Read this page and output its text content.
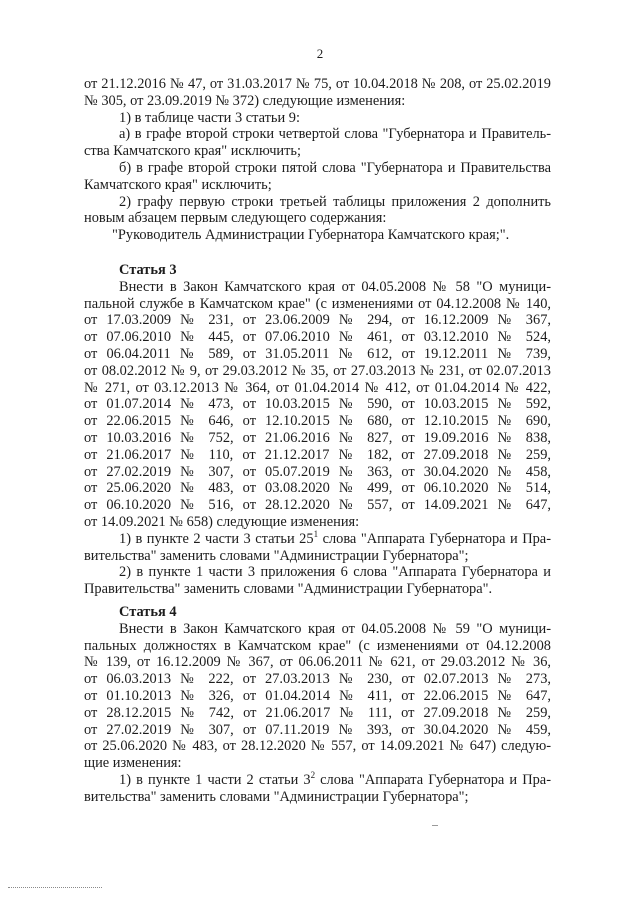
2
от 21.12.2016 № 47, от 31.03.2017 № 75, от 10.04.2018 № 208, от 25.02.2019
№ 305, от 23.09.2019 № 372) следующие изменения:
1) в таблице части 3 статьи 9:
а) в графе второй строки четвертой слова "Губернатора и Правитель-
ства Камчатского края" исключить;
б) в графе второй строки пятой слова "Губернатора и Правительства
Камчатского края" исключить;
2) графу первую строки третьей таблицы приложения 2 дополнить
новым абзацем первым следующего содержания:
"Руководитель Администрации Губернатора Камчатского края;".
Статья 3
Внести в Закон Камчатского края от 04.05.2008 № 58 "О муници-
пальной службе в Камчатском крае" (с изменениями от 04.12.2008 № 140,
от 17.03.2009 № 231, от 23.06.2009 № 294, от 16.12.2009 № 367,
от 07.06.2010 № 445, от 07.06.2010 № 461, от 03.12.2010 № 524,
от 06.04.2011 № 589, от 31.05.2011 № 612, от 19.12.2011 № 739,
от 08.02.2012 № 9, от 29.03.2012 № 35, от 27.03.2013 № 231, от 02.07.2013
№ 271, от 03.12.2013 № 364, от 01.04.2014 № 412, от 01.04.2014 № 422,
от 01.07.2014 № 473, от 10.03.2015 № 590, от 10.03.2015 № 592,
от 22.06.2015 № 646, от 12.10.2015 № 680, от 12.10.2015 № 690,
от 10.03.2016 № 752, от 21.06.2016 № 827, от 19.09.2016 № 838,
от 21.06.2017 № 110, от 21.12.2017 № 182, от 27.09.2018 № 259,
от 27.02.2019 № 307, от 05.07.2019 № 363, от 30.04.2020 № 458,
от 25.06.2020 № 483, от 03.08.2020 № 499, от 06.10.2020 № 514,
от 06.10.2020 № 516, от 28.12.2020 № 557, от 14.09.2021 № 647,
от 14.09.2021 № 658) следующие изменения:
1) в пункте 2 части 3 статьи $25^1$ слова "Аппарата Губернатора и Пра-
вительства" заменить словами "Администрации Губернатора";
2) в пункте 1 части 3 приложения 6 слова "Аппарата Губернатора и
Правительства" заменить словами "Администрации Губернатора".
Статья 4
Внести в Закон Камчатского края от 04.05.2008 № 59 "О муници-
пальных должностях в Камчатском крае" (с изменениями от 04.12.2008
№ 139, от 16.12.2009 № 367, от 06.06.2011 № 621, от 29.03.2012 № 36,
от 06.03.2013 № 222, от 27.03.2013 № 230, от 02.07.2013 № 273,
от 01.10.2013 № 326, от 01.04.2014 № 411, от 22.06.2015 № 647,
от 28.12.2015 № 742, от 21.06.2017 № 111, от 27.09.2018 № 259,
от 27.02.2019 № 307, от 07.11.2019 № 393, от 30.04.2020 № 459,
от 25.06.2020 № 483, от 28.12.2020 № 557, от 14.09.2021 № 647) следую-
щие изменения:
1) в пункте 1 части 2 статьи $3^2$ слова "Аппарата Губернатора и Пра-
вительства" заменить словами "Администрации Губернатора";
